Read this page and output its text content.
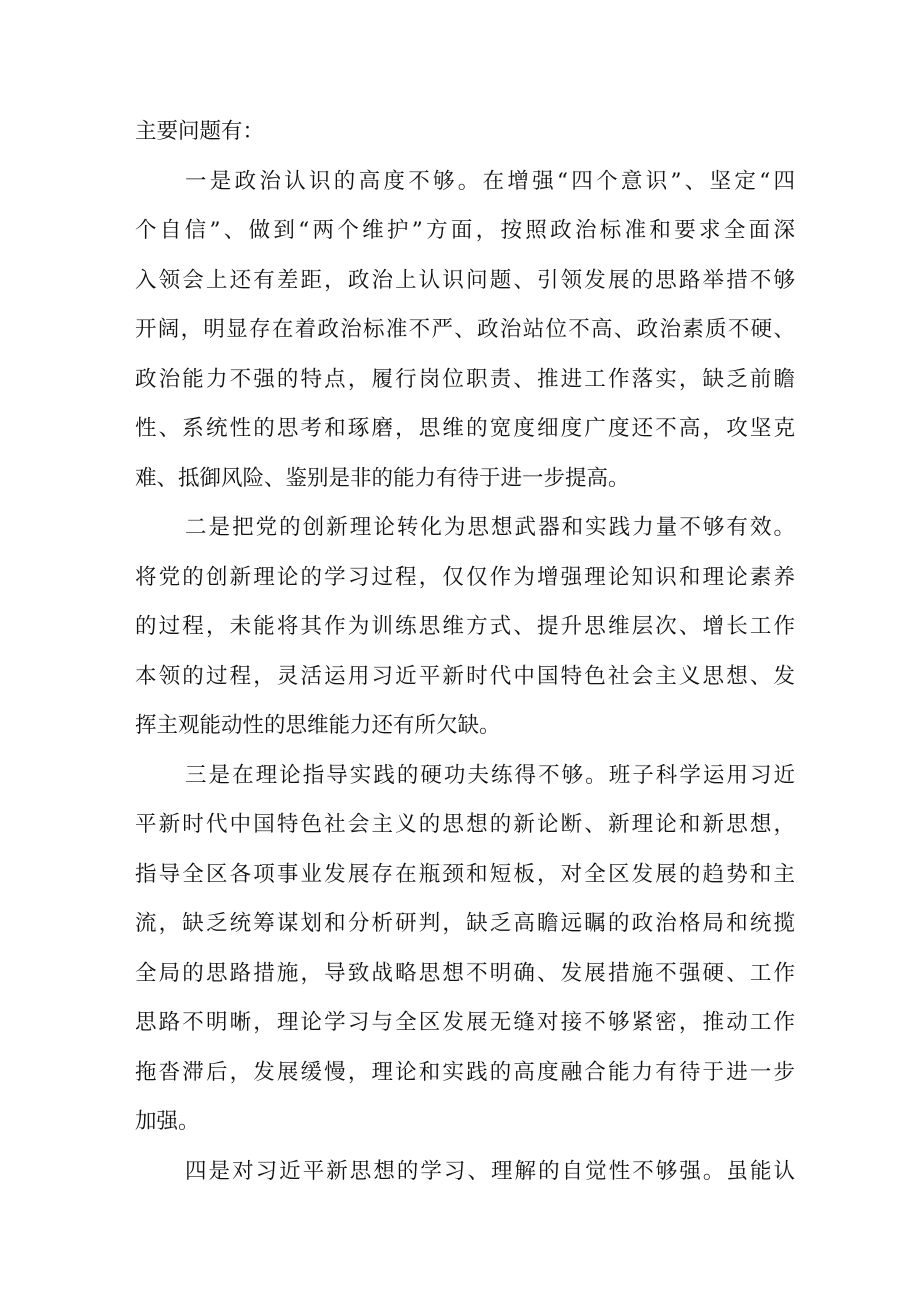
主要问题有：
一是政治认识的高度不够。在增强“四个意识”、坚定“四
个自信”、做到“两个维护”方面，按照政治标准和要求全面深
入领会上还有差距，政治上认识问题、引领发展的思路举措不够
开阔，明显存在着政治标准不严、政治站位不高、政治素质不硬、
政治能力不强的特点，履行岗位职责、推进工作落实，缺乏前瞻
性、系统性的思考和琢磨，思维的宽度细度广度还不高，攻坚克
难、抵御风险、鉴别是非的能力有待于进一步提高。
二是把党的创新理论转化为思想武器和实践力量不够有效。
将党的创新理论的学习过程，仅仅作为增强理论知识和理论素养
的过程，未能将其作为训练思维方式、提升思维层次、增长工作
本领的过程，灵活运用习近平新时代中国特色社会主义思想、发
挥主观能动性的思维能力还有所欠缺。
三是在理论指导实践的硬功夫练得不够。班子科学运用习近
平新时代中国特色社会主义的思想的新论断、新理论和新思想，
指导全区各项事业发展存在瓶颈和短板，对全区发展的趋势和主
流，缺乏统筹谋划和分析研判，缺乏高瞻远瞩的政治格局和统揽
全局的思路措施，导致战略思想不明确、发展措施不强硬、工作
思路不明晰，理论学习与全区发展无缝对接不够紧密，推动工作
拖沓滞后，发展缓慢，理论和实践的高度融合能力有待于进一步
加强。
四是对习近平新思想的学习、理解的自觉性不够强。虽能认
